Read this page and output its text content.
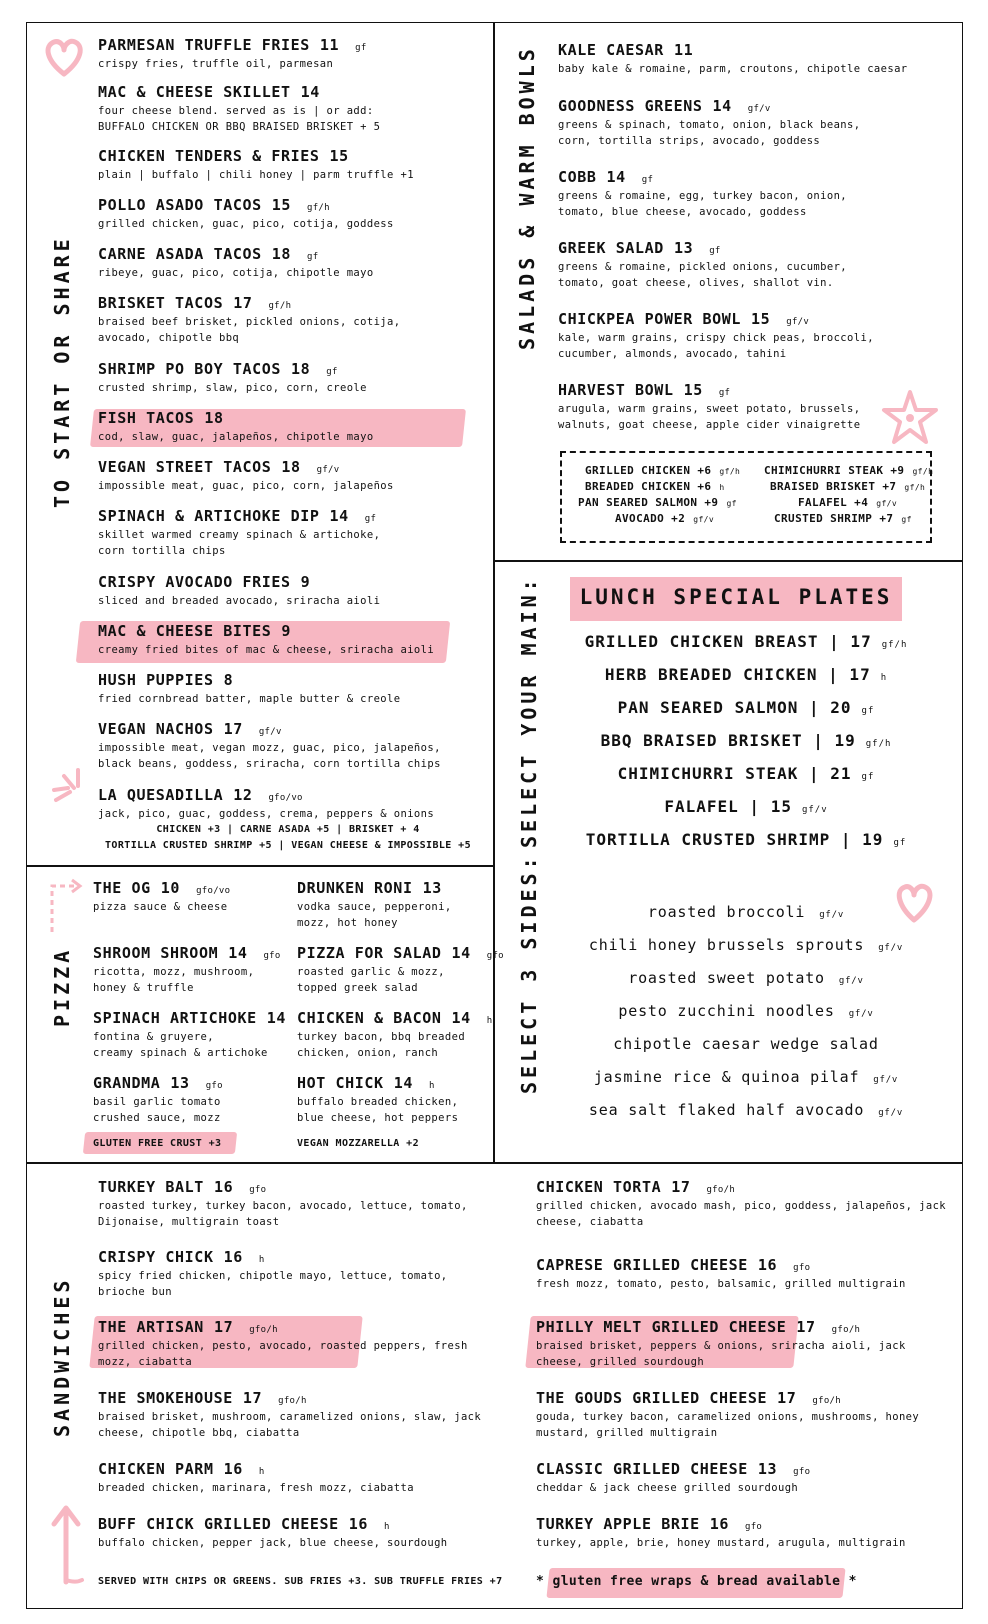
TO START OR SHARE
SALADS & WARM BOWLS
SELECT YOUR MAIN:
SELECT 3 SIDES:
PIZZA
SANDWICHES
PARMESAN TRUFFLE FRIES 11 gf
crispy fries, truffle oil, parmesan
MAC & CHEESE SKILLET 14
four cheese blend. served as is | or add:
BUFFALO CHICKEN OR BBQ BRAISED BRISKET + 5
CHICKEN TENDERS & FRIES 15
plain | buffalo | chili honey | parm truffle +1
POLLO ASADO TACOS 15 gf/h
grilled chicken, guac, pico, cotija, goddess
CARNE ASADA TACOS 18 gf
ribeye, guac, pico, cotija, chipotle mayo
BRISKET TACOS 17 gf/h
braised beef brisket, pickled onions, cotija,
avocado, chipotle bbq
SHRIMP PO BOY TACOS 18 gf
crusted shrimp, slaw, pico, corn, creole
FISH TACOS 18
cod, slaw, guac, jalapeños, chipotle mayo
VEGAN STREET TACOS 18 gf/v
impossible meat, guac, pico, corn, jalapeños
SPINACH & ARTICHOKE DIP 14 gf
skillet warmed creamy spinach & artichoke,
corn tortilla chips
CRISPY AVOCADO FRIES 9
sliced and breaded avocado, sriracha aioli
MAC & CHEESE BITES 9
creamy fried bites of mac & cheese, sriracha aioli
HUSH PUPPIES 8
fried cornbread batter, maple butter & creole
VEGAN NACHOS 17 gf/v
impossible meat, vegan mozz, guac, pico, jalapeños,
black beans, goddess, sriracha, corn tortilla chips
LA QUESADILLA 12 gfo/vo
jack, pico, guac, goddess, crema, peppers & onions
CHICKEN +3 | CARNE ASADA +5 | BRISKET + 4
TORTILLA CRUSTED SHRIMP +5 | VEGAN CHEESE & IMPOSSIBLE +5
KALE CAESAR 11
baby kale & romaine, parm, croutons, chipotle caesar
GOODNESS GREENS 14 gf/v
greens & spinach, tomato, onion, black beans,
corn, tortilla strips, avocado, goddess
COBB 14 gf
greens & romaine, egg, turkey bacon, onion,
tomato, blue cheese, avocado, goddess
GREEK SALAD 13 gf
greens & romaine, pickled onions, cucumber,
tomato, goat cheese, olives, shallot vin.
CHICKPEA POWER BOWL 15 gf/v
kale, warm grains, crispy chick peas, broccoli,
cucumber, almonds, avocado, tahini
HARVEST BOWL 15 gf
arugula, warm grains, sweet potato, brussels,
walnuts, goat cheese, apple cider vinaigrette
GRILLED CHICKEN +6 gf/h
BREADED CHICKEN +6 h
PAN SEARED SALMON +9 gf
AVOCADO +2 gf/v
CHIMICHURRI STEAK +9 gf/h
BRAISED BRISKET +7 gf/h
FALAFEL +4 gf/v
CRUSTED SHRIMP +7 gf
LUNCH SPECIAL PLATES
GRILLED CHICKEN BREAST | 17 gf/h
HERB BREADED CHICKEN | 17 h
PAN SEARED SALMON | 20 gf
BBQ BRAISED BRISKET | 19 gf/h
CHIMICHURRI STEAK | 21 gf
FALAFEL | 15 gf/v
TORTILLA CRUSTED SHRIMP | 19 gf
roasted broccoli gf/v
chili honey brussels sprouts gf/v
roasted sweet potato gf/v
pesto zucchini noodles gf/v
chipotle caesar wedge salad
jasmine rice & quinoa pilaf gf/v
sea salt flaked half avocado gf/v
THE OG 10 gfo/vo
pizza sauce & cheese
SHROOM SHROOM 14 gfo
ricotta, mozz, mushroom,
honey & truffle
SPINACH ARTICHOKE 14
fontina & gruyere,
creamy spinach & artichoke
GRANDMA 13 gfo
basil garlic tomato
crushed sauce, mozz
DRUNKEN RONI 13
vodka sauce, pepperoni,
mozz, hot honey
PIZZA FOR SALAD 14 gfo
roasted garlic & mozz,
topped greek salad
CHICKEN & BACON 14 h
turkey bacon, bbq breaded
chicken, onion, ranch
HOT CHICK 14 h
buffalo breaded chicken,
blue cheese, hot peppers
GLUTEN FREE CRUST +3	VEGAN MOZZARELLA +2
TURKEY BALT 16 gfo
roasted turkey, turkey bacon, avocado, lettuce, tomato,
Dijonaise, multigrain toast
CRISPY CHICK 16 h
spicy fried chicken, chipotle mayo, lettuce, tomato,
brioche bun
THE ARTISAN 17 gfo/h
grilled chicken, pesto, avocado, roasted peppers, fresh
mozz, ciabatta
THE SMOKEHOUSE 17 gfo/h
braised brisket, mushroom, caramelized onions, slaw, jack
cheese, chipotle bbq, ciabatta
CHICKEN PARM 16 h
breaded chicken, marinara, fresh mozz, ciabatta
BUFF CHICK GRILLED CHEESE 16 h
buffalo chicken, pepper jack, blue cheese, sourdough
CHICKEN TORTA 17 gfo/h
grilled chicken, avocado mash, pico, goddess, jalapeños, jack
cheese, ciabatta
CAPRESE GRILLED CHEESE 16 gfo
fresh mozz, tomato, pesto, balsamic, grilled multigrain
PHILLY MELT GRILLED CHEESE 17 gfo/h
braised brisket, peppers & onions, sriracha aioli, jack
cheese, grilled sourdough
THE GOUDS GRILLED CHEESE 17 gfo/h
gouda, turkey bacon, caramelized onions, mushrooms, honey
mustard, grilled multigrain
CLASSIC GRILLED CHEESE 13 gfo
cheddar & jack cheese grilled sourdough
TURKEY APPLE BRIE 16 gfo
turkey, apple, brie, honey mustard, arugula, multigrain
SERVED WITH CHIPS OR GREENS. SUB FRIES +3. SUB TRUFFLE FRIES +7	* gluten free wraps & bread available *
